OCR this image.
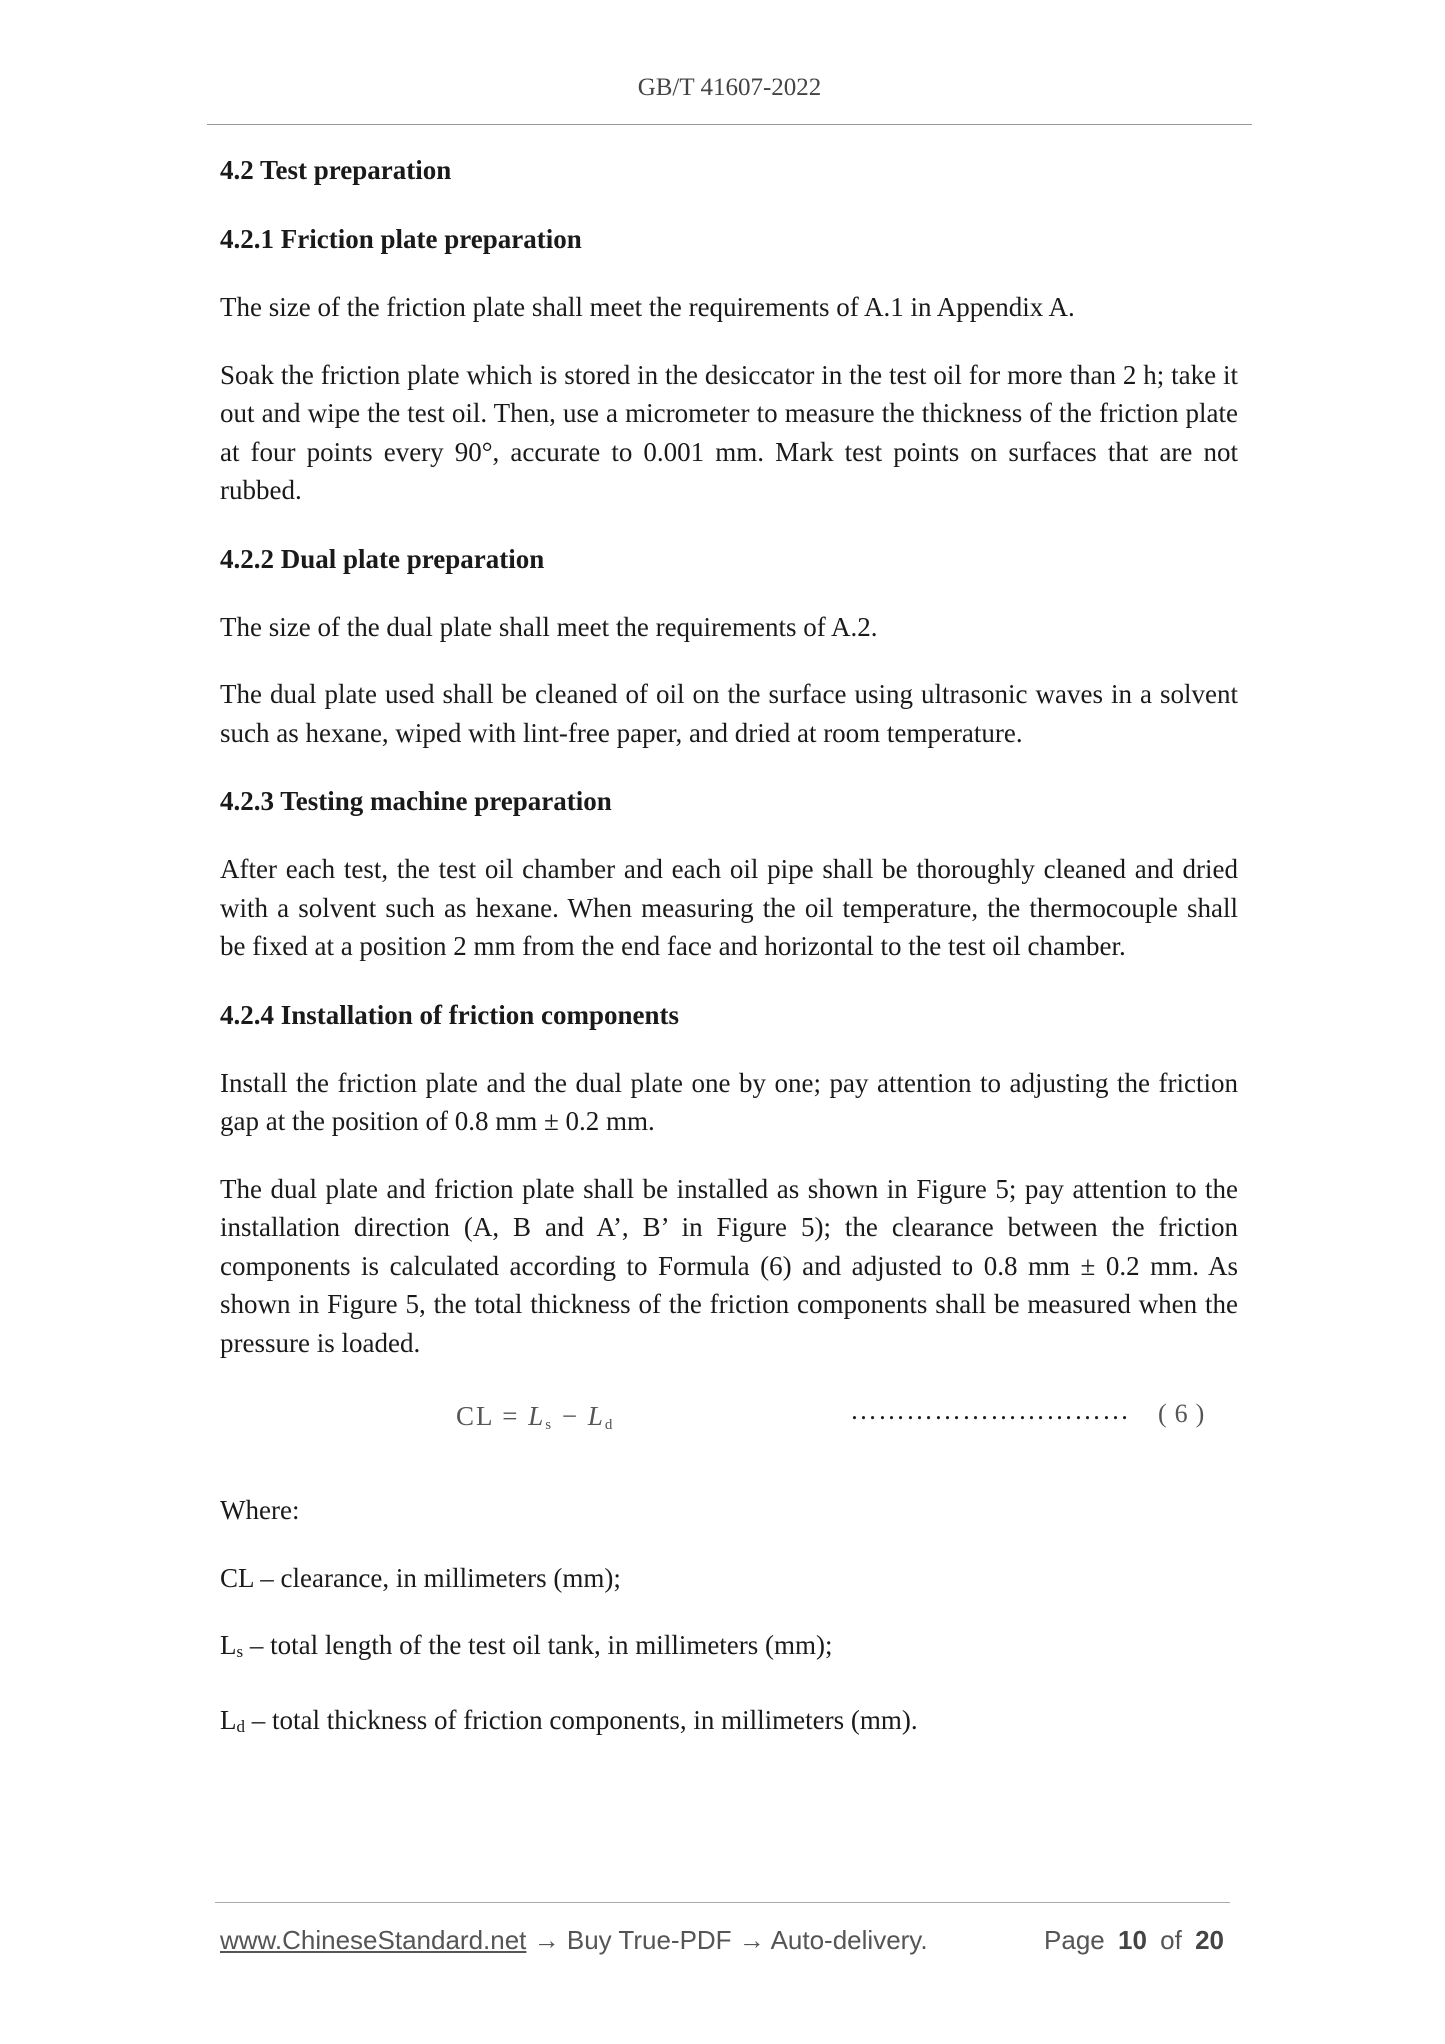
GB/T 41607-2022
4.2 Test preparation
4.2.1 Friction plate preparation
The size of the friction plate shall meet the requirements of A.1 in Appendix A.
Soak the friction plate which is stored in the desiccator in the test oil for more than 2 h; take it out and wipe the test oil. Then, use a micrometer to measure the thickness of the friction plate at four points every 90°, accurate to 0.001 mm. Mark test points on surfaces that are not rubbed.
4.2.2 Dual plate preparation
The size of the dual plate shall meet the requirements of A.2.
The dual plate used shall be cleaned of oil on the surface using ultrasonic waves in a solvent such as hexane, wiped with lint-free paper, and dried at room temperature.
4.2.3 Testing machine preparation
After each test, the test oil chamber and each oil pipe shall be thoroughly cleaned and dried with a solvent such as hexane. When measuring the oil temperature, the thermocouple shall be fixed at a position 2 mm from the end face and horizontal to the test oil chamber.
4.2.4 Installation of friction components
Install the friction plate and the dual plate one by one; pay attention to adjusting the friction gap at the position of 0.8 mm ± 0.2 mm.
The dual plate and friction plate shall be installed as shown in Figure 5; pay attention to the installation direction (A, B and A’, B’ in Figure 5); the clearance between the friction components is calculated according to Formula (6) and adjusted to 0.8 mm ± 0.2 mm. As shown in Figure 5, the total thickness of the friction components shall be measured when the pressure is loaded.
CL = $L_s - L_d$	………………………… (6)
Where:
CL – clearance, in millimeters (mm);
$L_s$ – total length of the test oil tank, in millimeters (mm);
$L_d$ – total thickness of friction components, in millimeters (mm).
www.ChineseStandard.net → Buy True-PDF → Auto-delivery.	Page 10 of 20
